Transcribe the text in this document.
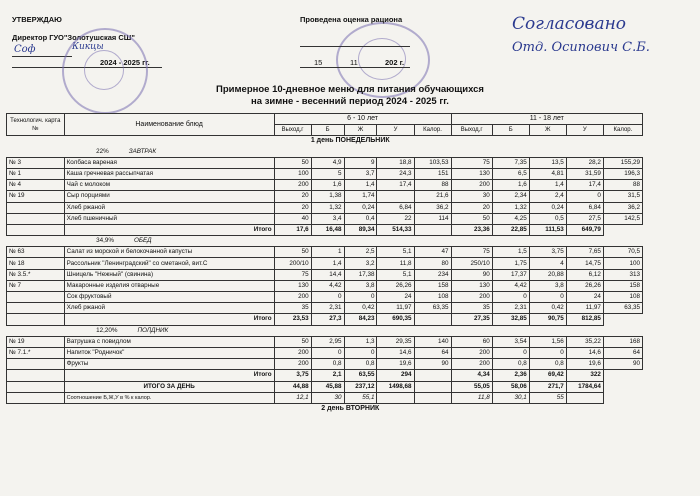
УТВЕРЖДАЮ
Директор ГУО"Золотушская СШ"
Соф	Кикцы
2024 - 2025 гг.
Проведена оценка рациона
15	11	202 г.
Согласовано
Отд. Осипович С.Б.
Примерное 10-дневное меню для питания обучающихся
на зимне - весенний период 2024 - 2025 гг.
Технологич. карта №	Наименование блюд	6 - 10 лет					11 - 18 лет					
		Выход,г	Б	Ж	У	Калор.	Выход,г	Б	Ж	У	Калор.	
1 день ПОНЕДЕЛЬНИК												
	22% ЗАВТРАК											
№ 3	Колбаса вареная	50	4,9	9	18,8	103,53	75	7,35	13,5	28,2	155,29	
№ 1	Каша гречневая рассыпчатая	100	5	3,7	24,3	151	130	6,5	4,81	31,59	196,3	
№ 4	Чай с молоком	200	1,6	1,4	17,4	88	200	1,6	1,4	17,4	88	
№ 19	Сыр порциями	20	1,38	1,74		21,6	30	2,34	2,4	0	31,5	
	Хлеб ржаной	20	1,32	0,24	6,84	36,2	20	1,32	0,24	6,84	36,2	
	Хлеб пшеничный	40	3,4	0,4	22	114	50	4,25	0,5	27,5	142,5	
	Итого	17,6	16,48	89,34	514,33		23,36	22,85	111,53	649,79		
	34,9% ОБЕД											
№ 63	Салат из морской и белокочанной капусты	50	1	2,5	5,1	47	75	1,5	3,75	7,65	70,5	
№ 18	Рассольник "Ленинградский" со сметаной, вит.С	200/10	1,4	3,2	11,8	80	250/10	1,75	4	14,75	100	
№ 3.5.*	Шницель "Нежный" (свинина)	75	14,4	17,38	5,1	234	90	17,37	20,88	6,12	313	
№ 7	Макаронные изделия отварные	130	4,42	3,8	26,26	158	130	4,42	3,8	26,26	158	
	Сок фруктовый	200	0	0	24	108	200	0	0	24	108	
	Хлеб ржаной	35	2,31	0,42	11,97	63,35	35	2,31	0,42	11,97	63,35	
	Итого	23,53	27,3	84,23	690,35		27,35	32,85	90,75	812,85		
	12,20% ПОЛДНИК											
№ 19	Ватрушка с повидлом	50	2,95	1,3	29,35	140	60	3,54	1,56	35,22	168	
№ 7.1.*	Напиток "Родничок"	200	0	0	14,6	64	200	0	0	14,6	64	
	Фрукты	200	0,8	0,8	19,6	90	200	0,8	0,8	19,6	90	
	Итого	3,75	2,1	63,55	294		4,34	2,36	69,42	322		
	ИТОГО ЗА ДЕНЬ	44,88	45,88	237,12	1498,68		55,05	58,06	271,7	1784,64		
	Соотношение Б,Ж,У в % к калор.	12,1	30	55,1			11,8	30,1	55			
2 день ВТОРНИК												
